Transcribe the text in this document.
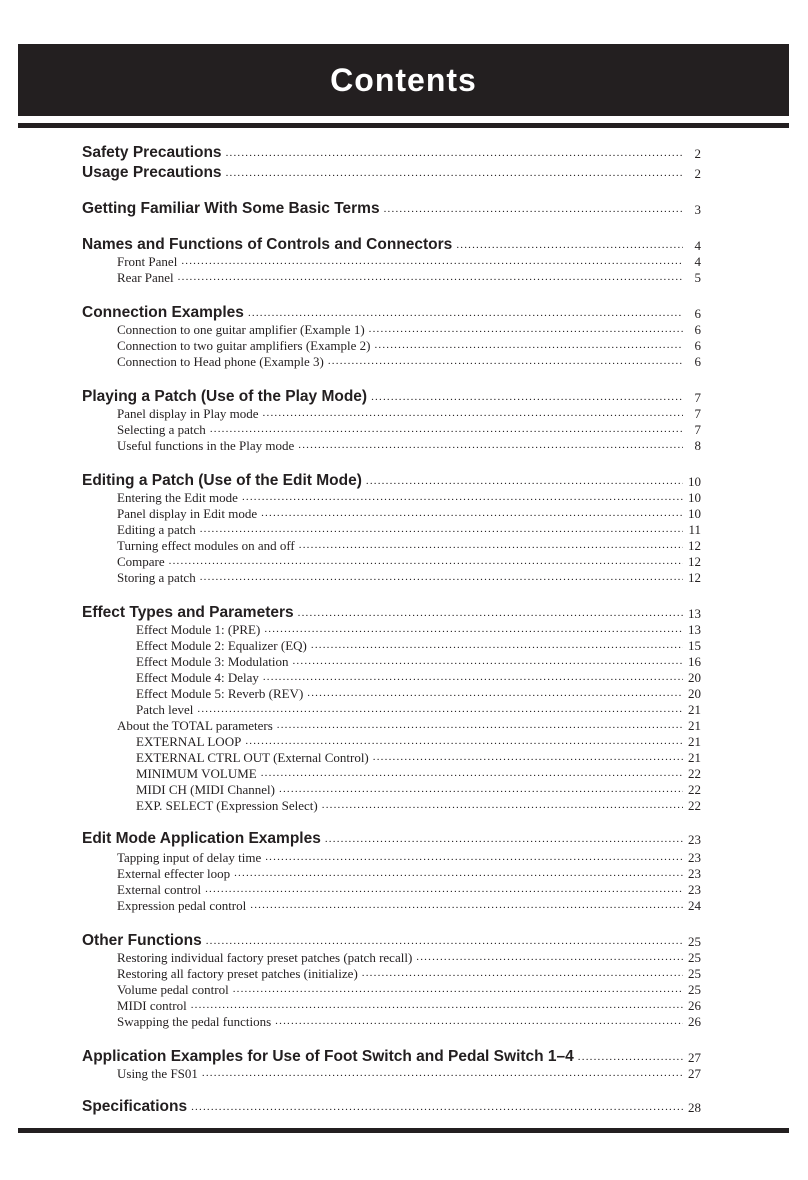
Contents
Safety Precautions .....	2
Usage Precautions .....	2
Getting Familiar With Some Basic Terms .....	3
Names and Functions of Controls and Connectors .....	4
Front Panel .....	4
Rear Panel .....	5
Connection Examples .....	6
Connection to one guitar amplifier (Example 1) .....	6
Connection to two guitar amplifiers (Example 2) .....	6
Connection to Head phone (Example 3) .....	6
Playing a Patch (Use of the Play Mode) .....	7
Panel display in Play mode .....	7
Selecting a patch .....	7
Useful functions in the Play mode .....	8
Editing a Patch (Use of the Edit Mode) .....	10
Entering the Edit mode .....	10
Panel display in Edit mode .....	10
Editing a patch .....	11
Turning effect modules on and off .....	12
Compare .....	12
Storing a patch .....	12
Effect Types and Parameters .....	13
Effect Module 1: (PRE) .....	13
Effect Module 2: Equalizer (EQ) .....	15
Effect Module 3: Modulation .....	16
Effect Module 4: Delay .....	20
Effect Module 5: Reverb (REV) .....	20
Patch level .....	21
About the TOTAL parameters .....	21
EXTERNAL LOOP .....	21
EXTERNAL CTRL OUT (External Control) .....	21
MINIMUM VOLUME .....	22
MIDI CH (MIDI Channel) .....	22
EXP. SELECT (Expression Select) .....	22
Edit Mode Application Examples .....	23
Tapping input of delay time .....	23
External effecter loop .....	23
External control .....	23
Expression pedal control .....	24
Other Functions .....	25
Restoring individual factory preset patches (patch recall) .....	25
Restoring all factory preset patches (initialize) .....	25
Volume pedal control .....	25
MIDI control .....	26
Swapping the pedal functions .....	26
Application Examples for Use of Foot Switch and Pedal Switch 1–4 .....	27
Using the FS01 .....	27
Specifications .....	28
